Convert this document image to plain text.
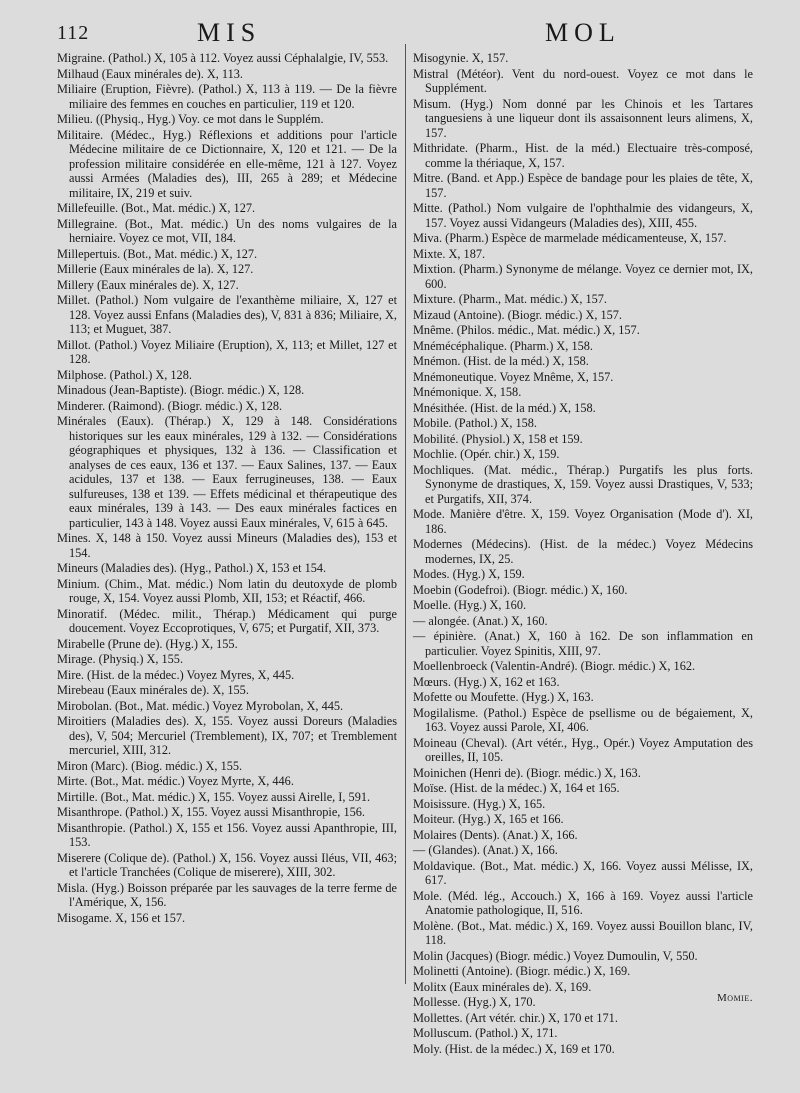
112	MIS	MOL
Migraine. (Pathol.) X, 105 à 112. Voyez aussi Céphalalgie, IV, 553.
Milhaud (Eaux minérales de). X, 113.
Miliaire (Eruption, Fièvre). (Pathol.) X, 113 à 119. — De la fièvre miliaire des femmes en couches en particulier, 119 et 120.
Milieu. ((Physiq., Hyg.) Voy. ce mot dans le Supplém.
Militaire. (Médec., Hyg.) Réflexions et additions pour l'article Médecine militaire de ce Dictionnaire, X, 120 et 121. — De la profession militaire considérée en elle-même, 121 à 127. Voyez aussi Armées (Maladies des), III, 265 à 289; et Médecine militaire, IX, 219 et suiv.
Millefeuille. (Bot., Mat. médic.) X, 127.
Millegraine. (Bot., Mat. médic.) Un des noms vulgaires de la herniaire. Voyez ce mot, VII, 184.
Millepertuis. (Bot., Mat. médic.) X, 127.
Millerie (Eaux minérales de la). X, 127.
Millery (Eaux minérales de). X, 127.
Millet. (Pathol.) Nom vulgaire de l'exanthème miliaire, X, 127 et 128. Voyez aussi Enfans (Maladies des), V, 831 à 836; Miliaire, X, 113; et Muguet, 387.
Millot. (Pathol.) Voyez Miliaire (Eruption), X, 113; et Millet, 127 et 128.
Milphose. (Pathol.) X, 128.
Minadous (Jean-Baptiste). (Biogr. médic.) X, 128.
Minderer. (Raimond). (Biogr. médic.) X, 128.
Minérales (Eaux). (Thérap.) X, 129 à 148. Considérations historiques sur les eaux minérales, 129 à 132. — Considérations géographiques et physiques, 132 à 136. — Classification et analyses de ces eaux, 136 et 137. — Eaux Salines, 137. — Eaux acidules, 137 et 138. — Eaux ferrugineuses, 138. — Eaux sulfureuses, 138 et 139. — Effets médicinal et thérapeutique des eaux minérales, 139 à 143. — Des eaux minérales factices en particulier, 143 à 148. Voyez aussi Eaux minérales, V, 615 à 645.
Mines. X, 148 à 150. Voyez aussi Mineurs (Maladies des), 153 et 154.
Mineurs (Maladies des). (Hyg., Pathol.) X, 153 et 154.
Minium. (Chim., Mat. médic.) Nom latin du deutoxyde de plomb rouge, X, 154. Voyez aussi Plomb, XII, 153; et Réactif, 466.
Minoratif. (Médec. milit., Thérap.) Médicament qui purge doucement. Voyez Eccoprotiques, V, 675; et Purgatif, XII, 373.
Mirabelle (Prune de). (Hyg.) X, 155.
Mirage. (Physiq.) X, 155.
Mire. (Hist. de la médec.) Voyez Myres, X, 445.
Mirebeau (Eaux minérales de). X, 155.
Mirobolan. (Bot., Mat. médic.) Voyez Myrobolan, X, 445.
Miroitiers (Maladies des). X, 155. Voyez aussi Doreurs (Maladies des), V, 504; Mercuriel (Tremblement), IX, 707; et Tremblement mercuriel, XIII, 312.
Miron (Marc). (Biog. médic.) X, 155.
Mirte. (Bot., Mat. médic.) Voyez Myrte, X, 446.
Mirtille. (Bot., Mat. médic.) X, 155. Voyez aussi Airelle, I, 591.
Misanthrope. (Pathol.) X, 155. Voyez aussi Misanthropie, 156.
Misanthropie. (Pathol.) X, 155 et 156. Voyez aussi Apanthropie, III, 153.
Miserere (Colique de). (Pathol.) X, 156. Voyez aussi Iléus, VII, 463; et l'article Tranchées (Colique de miserere), XIII, 302.
Misla. (Hyg.) Boisson préparée par les sauvages de la terre ferme de l'Amérique, X, 156.
Misogame. X, 156 et 157.
Misogynie. X, 157.
Mistral (Météor). Vent du nord-ouest. Voyez ce mot dans le Supplément.
Misum. (Hyg.) Nom donné par les Chinois et les Tartares tanguesiens à une liqueur dont ils assaisonnent leurs alimens, X, 157.
Mithridate. (Pharm., Hist. de la méd.) Electuaire très-composé, comme la thériaque, X, 157.
Mitre. (Band. et App.) Espèce de bandage pour les plaies de tête, X, 157.
Mitte. (Pathol.) Nom vulgaire de l'ophthalmie des vidangeurs, X, 157. Voyez aussi Vidangeurs (Maladies des), XIII, 455.
Miva. (Pharm.) Espèce de marmelade médicamenteuse, X, 157.
Mixte. X, 187.
Mixtion. (Pharm.) Synonyme de mélange. Voyez ce dernier mot, IX, 600.
Mixture. (Pharm., Mat. médic.) X, 157.
Mizaud (Antoine). (Biogr. médic.) X, 157.
Mnême. (Philos. médic., Mat. médic.) X, 157.
Mnémécéphalique. (Pharm.) X, 158.
Mnémon. (Hist. de la méd.) X, 158.
Mnémoneutique. Voyez Mnême, X, 157.
Mnémonique. X, 158.
Mnésithée. (Hist. de la méd.) X, 158.
Mobile. (Pathol.) X, 158.
Mobilité. (Physiol.) X, 158 et 159.
Mochlie. (Opér. chir.) X, 159.
Mochliques. (Mat. médic., Thérap.) Purgatifs les plus forts. Synonyme de drastiques, X, 159. Voyez aussi Drastiques, V, 533; et Purgatifs, XII, 374.
Mode. Manière d'être. X, 159. Voyez Organisation (Mode d'). XI, 186.
Modernes (Médecins). (Hist. de la médec.) Voyez Médecins modernes, IX, 25.
Modes. (Hyg.) X, 159.
Moebin (Godefroi). (Biogr. médic.) X, 160.
Moelle. (Hyg.) X, 160.
— alongée. (Anat.) X, 160.
— épinière. (Anat.) X, 160 à 162. De son inflammation en particulier. Voyez Spinitis, XIII, 97.
Moellenbroeck (Valentin-André). (Biogr. médic.) X, 162.
Mœurs. (Hyg.) X, 162 et 163.
Mofette ou Moufette. (Hyg.) X, 163.
Mogilalisme. (Pathol.) Espèce de psellisme ou de bégaiement, X, 163. Voyez aussi Parole, XI, 406.
Moineau (Cheval). (Art vétér., Hyg., Opér.) Voyez Amputation des oreilles, II, 105.
Moinichen (Henri de). (Biogr. médic.) X, 163.
Moïse. (Hist. de la médec.) X, 164 et 165.
Moisissure. (Hyg.) X, 165.
Moiteur. (Hyg.) X, 165 et 166.
Molaires (Dents). (Anat.) X, 166.
— (Glandes). (Anat.) X, 166.
Moldavique. (Bot., Mat. médic.) X, 166. Voyez aussi Mélisse, IX, 617.
Mole. (Méd. lég., Accouch.) X, 166 à 169. Voyez aussi l'article Anatomie pathologique, II, 516.
Molène. (Bot., Mat. médic.) X, 169. Voyez aussi Bouillon blanc, IV, 118.
Molin (Jacques) (Biogr. médic.) Voyez Dumoulin, V, 550.
Molinetti (Antoine). (Biogr. médic.) X, 169.
Molitx (Eaux minérales de). X, 169.
Mollesse. (Hyg.) X, 170.
Mollettes. (Art vétér. chir.) X, 170 et 171.
Molluscum. (Pathol.) X, 171.
Moly. (Hist. de la médec.) X, 169 et 170.
Momie.
